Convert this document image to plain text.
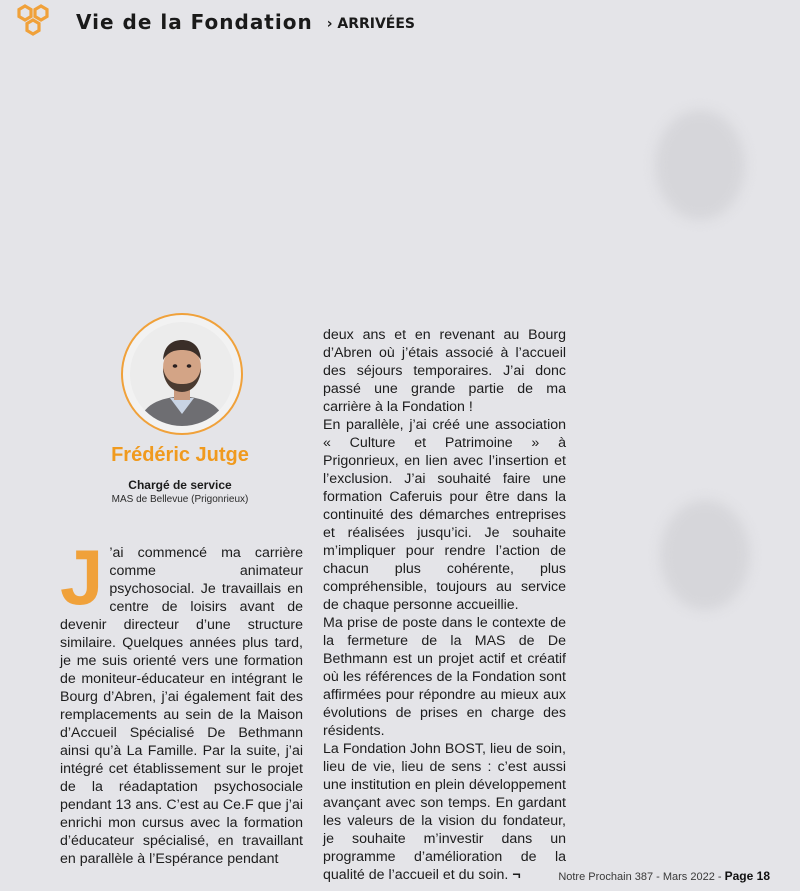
Vie de la Fondation › ARRIVÉES
Frédéric Jutge
Chargé de service
MAS de Bellevue (Prigonrieux)
J ’ai commencé ma carrière comme animateur psychosocial. Je travaillais en centre de loisirs avant de devenir directeur d’une structure similaire. Quelques années plus tard, je me suis orienté vers une formation de moniteur-éducateur en intégrant le Bourg d’Abren, j’ai également fait des remplacements au sein de la Maison d’Accueil Spécialisé De Bethmann ainsi qu’à La Famille. Par la suite, j’ai intégré cet établissement sur le projet de la réadaptation psychosociale pendant 13 ans. C’est au Ce.F que j’ai enrichi mon cursus avec la formation d’éducateur spécialisé, en travaillant en parallèle à l’Espérance pendant

deux ans et en revenant au Bourg d’Abren où j’étais associé à l’accueil des séjours temporaires. J’ai donc passé une grande partie de ma carrière à la Fondation !

En parallèle, j’ai créé une association « Culture et Patrimoine » à Prigonrieux, en lien avec l’insertion et l’exclusion. J’ai souhaité faire une formation Caferuis pour être dans la continuité des démarches entreprises et réalisées jusqu’ici. Je souhaite m’impliquer pour rendre l’action de chacun plus cohérente, plus compréhensible, toujours au service de chaque personne accueillie.

Ma prise de poste dans le contexte de la fermeture de la MAS de De Bethmann est un projet actif et créatif où les références de la Fondation sont affirmées pour répondre au mieux aux évolutions de prises en charge des résidents.

La Fondation John BOST, lieu de soin, lieu de vie, lieu de sens : c’est aussi une institution en plein développement avançant avec son temps. En gardant les valeurs de la vision du fondateur, je souhaite m’investir dans un programme d’amélioration de la qualité de l’accueil et du soin. ¬	Notre Prochain 387 - Mars 2022 - Page 18
